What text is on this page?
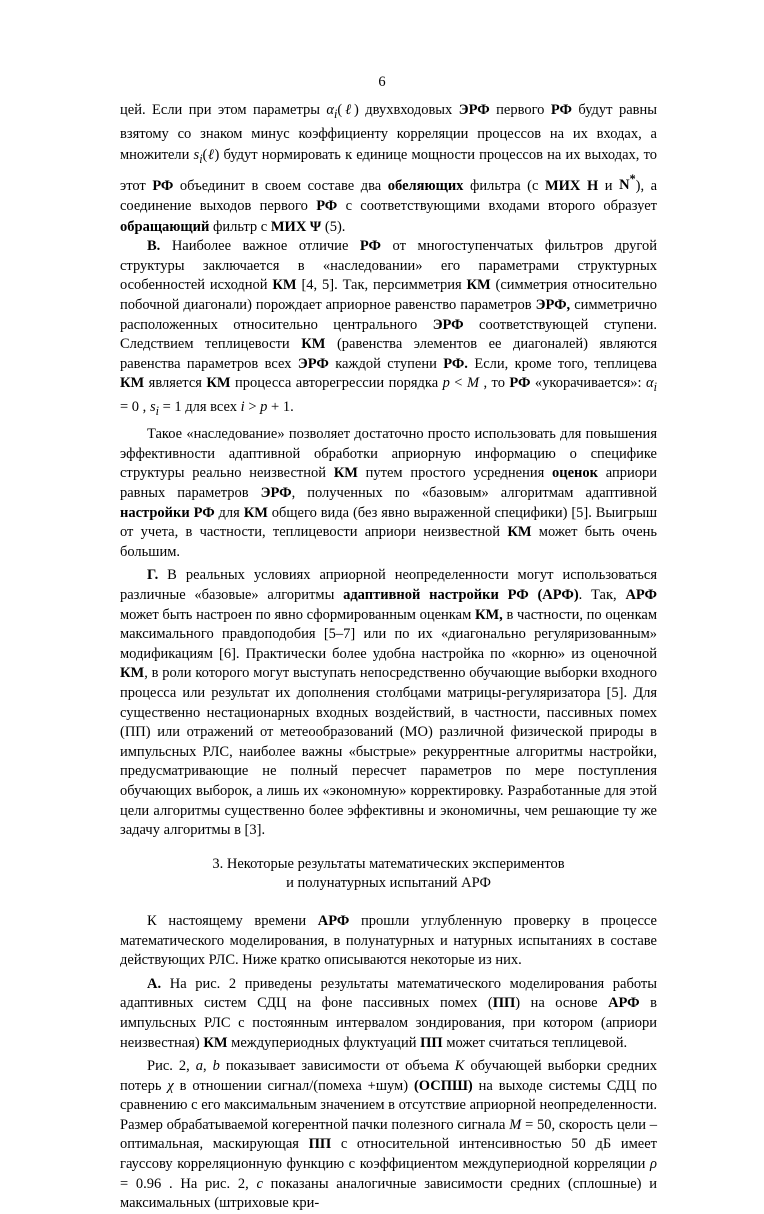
6

цей. Если при этом параметры $\alpha_i(\ell)$ двухвходовых ЭРФ первого РФ будут равны взятому со знаком минус коэффициенту корреляции процессов на их входах, а множители $s_i(\ell)$ будут нормировать к единице мощности процессов на их выходах, то этот РФ объединит в своем составе два обеляющих фильтра (с МИХ H и N*), а соединение выходов первого РФ с соответствующими входами второго образует обращающий фильтр с МИХ Ψ (5).

В. Наиболее важное отличие РФ от многоступенчатых фильтров другой структуры заключается в «наследовании» его параметрами структурных особенностей исходной КМ [4, 5]. Так, персимметрия КМ (симметрия относительно побочной диагонали) порождает априорное равенство параметров ЭРФ, симметрично расположенных относительно центрального ЭРФ соответствующей ступени. Следствием теплицевости КМ (равенства элементов ее диагоналей) являются равенства параметров всех ЭРФ каждой ступени РФ. Если, кроме того, теплицева КМ является КМ процесса авторегрессии порядка p < M , то РФ «укорачивается»: $\alpha_i = 0$ , $s_i = 1$ для всех i > p + 1.

Такое «наследование» позволяет достаточно просто использовать для повышения эффективности адаптивной обработки априорную информацию о специфике структуры реально неизвестной КМ путем простого усреднения оценок априори равных параметров ЭРФ, полученных по «базовым» алгоритмам адаптивной настройки РФ для КМ общего вида (без явно выраженной специфики) [5]. Выигрыш от учета, в частности, теплицевости априори неизвестной КМ может быть очень большим.

Г. В реальных условиях априорной неопределенности могут использоваться различные «базовые» алгоритмы адаптивной настройки РФ (АРФ). Так, АРФ может быть настроен по явно сформированным оценкам КМ, в частности, по оценкам максимального правдоподобия [5–7] или по их «диагонально регуляризованным» модификациям [6]. Практически более удобна настройка по «корню» из оценочной КМ, в роли которого могут выступать непосредственно обучающие выборки входного процесса или результат их дополнения столбцами матрицы-регуляризатора [5]. Для существенно нестационарных входных воздействий, в частности, пассивных помех (ПП) или отражений от метеообразований (МО) различной физической природы в импульсных РЛС, наиболее важны «быстрые» рекуррентные алгоритмы настройки, предусматривающие не полный пересчет параметров по мере поступления обучающих выборок, а лишь их «экономную» корректировку. Разработанные для этой цели алгоритмы существенно более эффективны и экономичны, чем решающие ту же задачу алгоритмы в [3].

3. Некоторые результаты математических экспериментов
и полунатурных испытаний АРФ

К настоящему времени АРФ прошли углубленную проверку в процессе математического моделирования, в полунатурных и натурных испытаниях в составе действующих РЛС. Ниже кратко описываются некоторые из них.

А. На рис. 2 приведены результаты математического моделирования работы адаптивных систем СДЦ на фоне пассивных помех (ПП) на основе АРФ в импульсных РЛС с постоянным интервалом зондирования, при котором (априори неизвестная) КМ междупериодных флуктуаций ПП может считаться теплицевой.

Рис. 2, a, b показывает зависимости от объема K обучающей выборки средних потерь χ в отношении сигнал/(помеха +шум) (ОСПШ) на выходе системы СДЦ по сравнению с его максимальным значением в отсутствие априорной неопределенности. Размер обрабатываемой когерентной пачки полезного сигнала M = 50, скорость цели – оптимальная, маскирующая ПП с относительной интенсивностью 50 дБ имеет гауссову корреляционную функцию с коэффициентом междупериодной корреляции ρ = 0.96 . На рис. 2, c показаны аналогичные зависимости средних (сплошные) и максимальных (штриховые кри-
